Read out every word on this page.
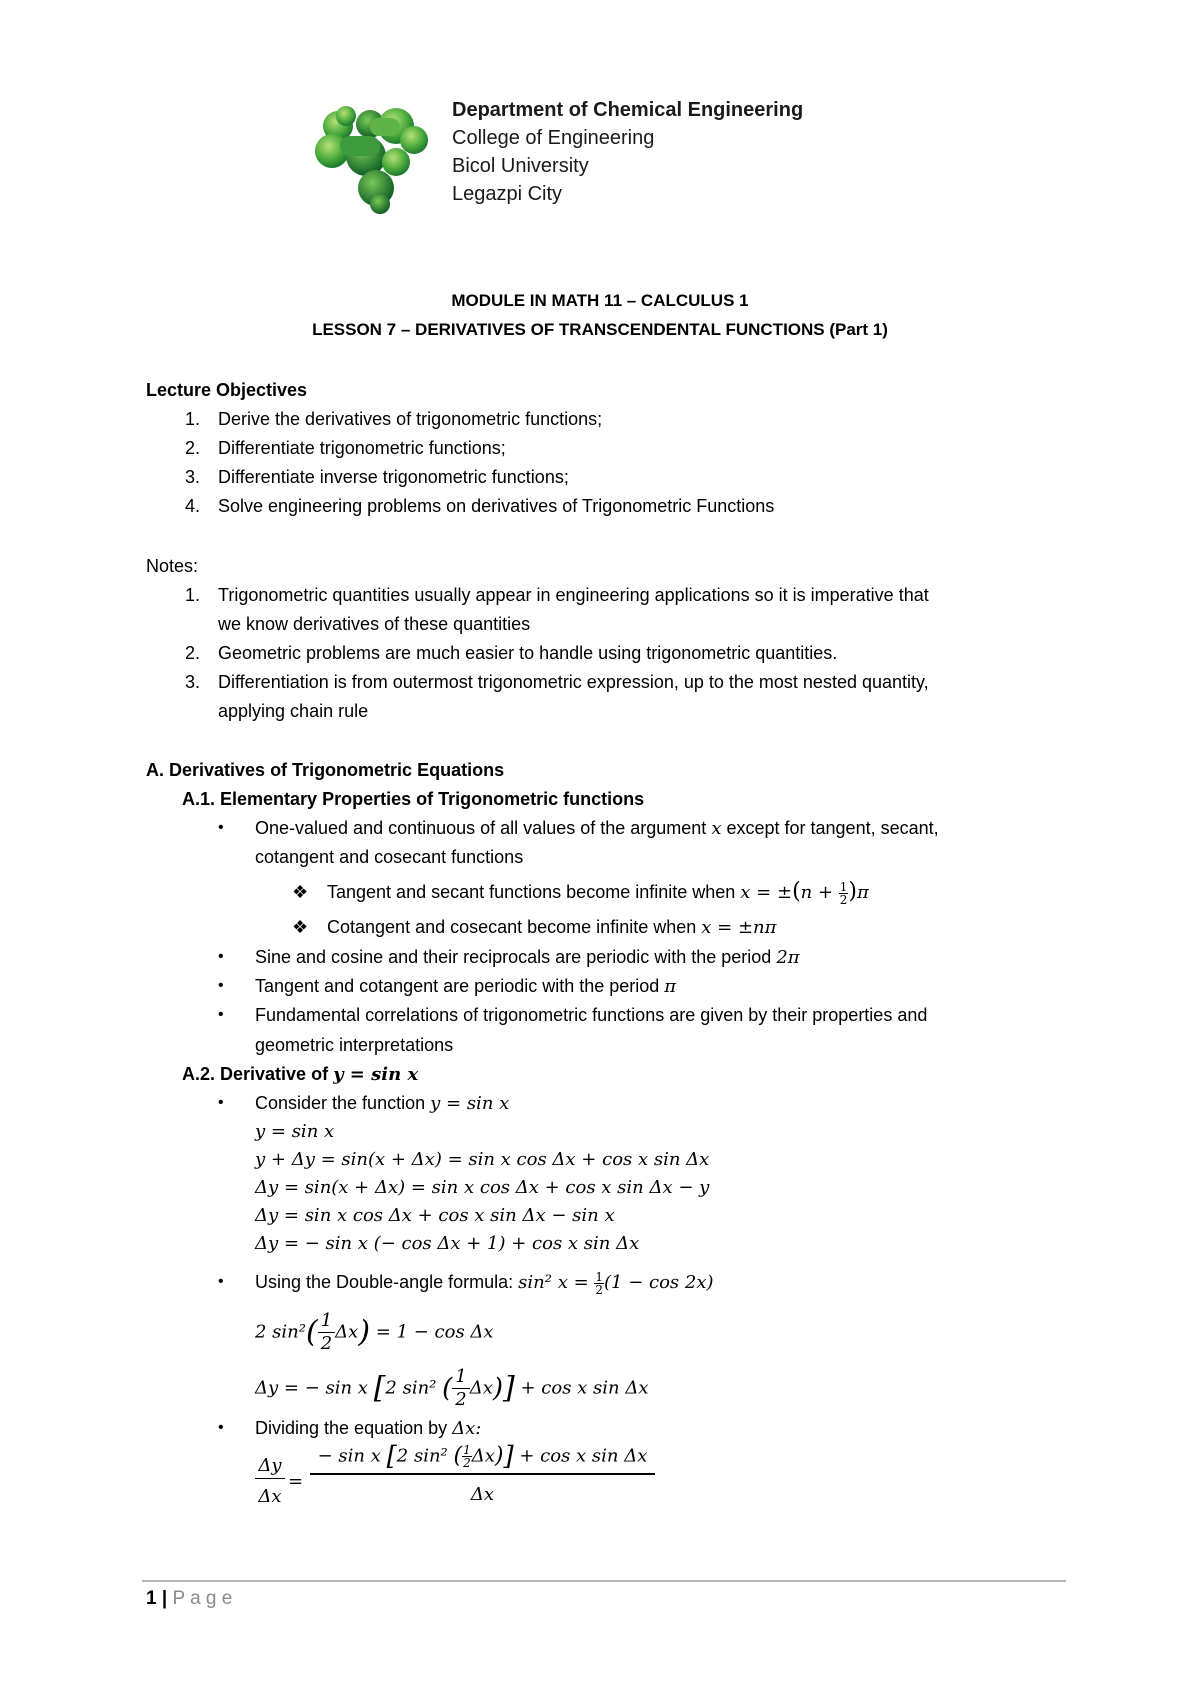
Department of Chemical Engineering
College of Engineering
Bicol University
Legazpi City
MODULE IN MATH 11 – CALCULUS 1
LESSON 7 – DERIVATIVES OF TRANSCENDENTAL FUNCTIONS (Part 1)
Lecture Objectives
1. Derive the derivatives of trigonometric functions;
2. Differentiate trigonometric functions;
3. Differentiate inverse trigonometric functions;
4. Solve engineering problems on derivatives of Trigonometric Functions
Notes:
1. Trigonometric quantities usually appear in engineering applications so it is imperative that
we know derivatives of these quantities
2. Geometric problems are much easier to handle using trigonometric quantities.
3. Differentiation is from outermost trigonometric expression, up to the most nested quantity,
applying chain rule
A. Derivatives of Trigonometric Equations
A.1. Elementary Properties of Trigonometric functions
• One-valued and continuous of all values of the argument x except for tangent, secant,
cotangent and cosecant functions
❖ Tangent and secant functions become infinite when $x = \pm(n + \frac{1}{2} )\pi$
❖ Cotangent and cosecant become infinite when x = ±nπ
• Sine and cosine and their reciprocals are periodic with the period 2π
• Tangent and cotangent are periodic with the period π
• Fundamental correlations of trigonometric functions are given by their properties and
geometric interpretations
A.2. Derivative of y = sin x
• Consider the function y = sin x
y = sin x
y + Δy = sin(x + Δx) = sin x cos Δx + cos x sin Δx
Δy = sin(x + Δx) = sin x cos Δx + cos x sin Δx − y
Δy = sin x cos Δx + cos x sin Δx − sin x
Δy = − sin x (− cos Δx + 1) + cos x sin Δx
• Using the Double-angle formula: sin² $x = \frac{1}{2} (1 - \cos 2x)$
2 $\sin^2( \frac{1}{2} \Delta x) = 1 - \cos \Delta x$
Δy = − sin x [2 sin² ( $\frac{1}{2} \Delta x)] + \cos x$ sin Δx
• Dividing the equation by Δx:
$\frac{\Delta y}{\Delta x} = \frac{- \sin x [2 \sin^2 ( \frac{1}{2} \Delta x)] + \cos x \sin \Delta x}{\Delta x}$
1 | P a g e
